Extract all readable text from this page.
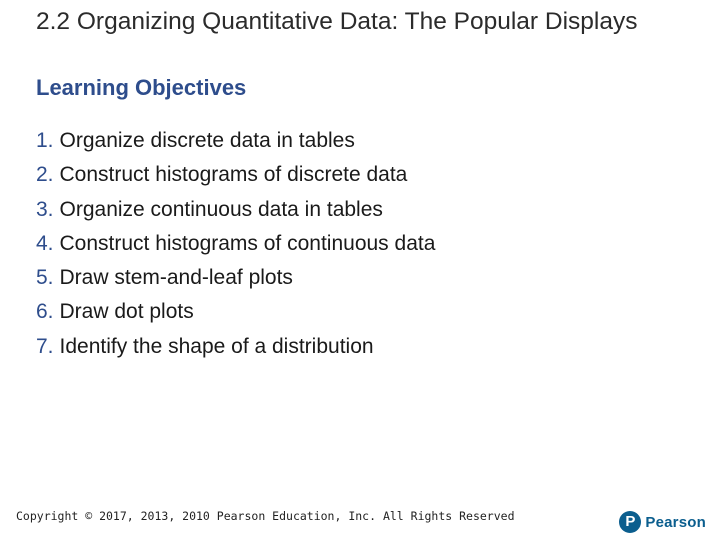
2.2 Organizing Quantitative Data: The Popular Displays
Learning Objectives
1. Organize discrete data in tables
2. Construct histograms of discrete data
3. Organize continuous data in tables
4. Construct histograms of continuous data
5. Draw stem-and-leaf plots
6. Draw dot plots
7. Identify the shape of a distribution
Copyright © 2017, 2013, 2010 Pearson Education, Inc. All Rights Reserved	P Pearson
